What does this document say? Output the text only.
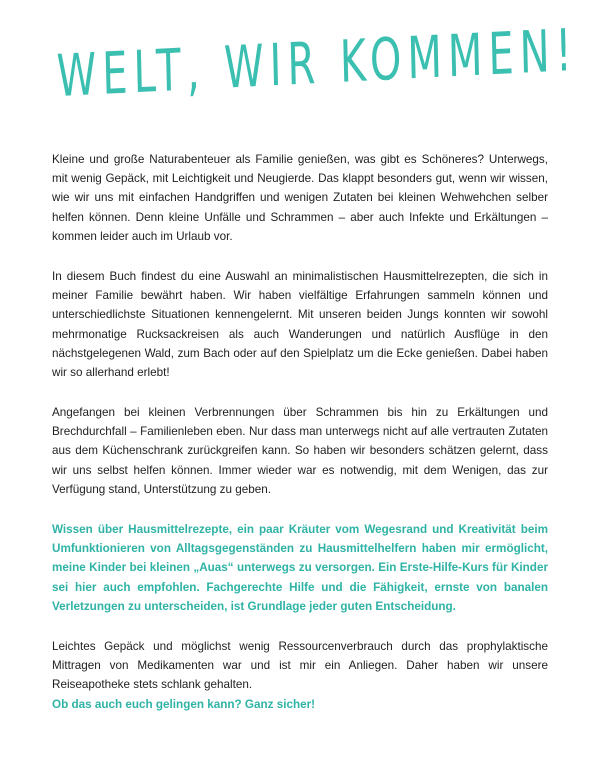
WELT, WIR KOMMEN!

Kleine und große Naturabenteuer als Familie genießen, was gibt es Schöneres? Unterwegs, mit wenig Gepäck, mit Leichtigkeit und Neugierde. Das klappt besonders gut, wenn wir wissen, wie wir uns mit einfachen Handgriffen und wenigen Zutaten bei kleinen Wehwehchen selber helfen können. Denn kleine Unfälle und Schrammen – aber auch Infekte und Erkältungen – kommen leider auch im Urlaub vor.

In diesem Buch findest du eine Auswahl an minimalistischen Hausmittelrezepten, die sich in meiner Familie bewährt haben. Wir haben vielfältige Erfahrungen sammeln können und unterschiedlichste Situationen kennengelernt. Mit unseren beiden Jungs konnten wir sowohl mehrmonatige Rucksackreisen als auch Wanderungen und natürlich Ausflüge in den nächstgelegenen Wald, zum Bach oder auf den Spielplatz um die Ecke genießen. Dabei haben wir so allerhand erlebt!

Angefangen bei kleinen Verbrennungen über Schrammen bis hin zu Erkältungen und Brechdurchfall – Familienleben eben. Nur dass man unterwegs nicht auf alle vertrauten Zutaten aus dem Küchenschrank zurückgreifen kann. So haben wir besonders schätzen gelernt, dass wir uns selbst helfen können. Immer wieder war es notwendig, mit dem Wenigen, das zur Verfügung stand, Unterstützung zu geben.

Wissen über Hausmittelrezepte, ein paar Kräuter vom Wegesrand und Kreativität beim Umfunktionieren von Alltagsgegenständen zu Hausmittelhelfern haben mir ermöglicht, meine Kinder bei kleinen „Auas“ unterwegs zu versorgen. Ein Erste-Hilfe-Kurs für Kinder sei hier auch empfohlen. Fachgerechte Hilfe und die Fähigkeit, ernste von banalen Verletzungen zu unterscheiden, ist Grundlage jeder guten Entscheidung.

Leichtes Gepäck und möglichst wenig Ressourcenverbrauch durch das prophylaktische Mittragen von Medikamenten war und ist mir ein Anliegen. Daher haben wir unsere Reiseapotheke stets schlank gehalten.

Ob das auch euch gelingen kann? Ganz sicher!
